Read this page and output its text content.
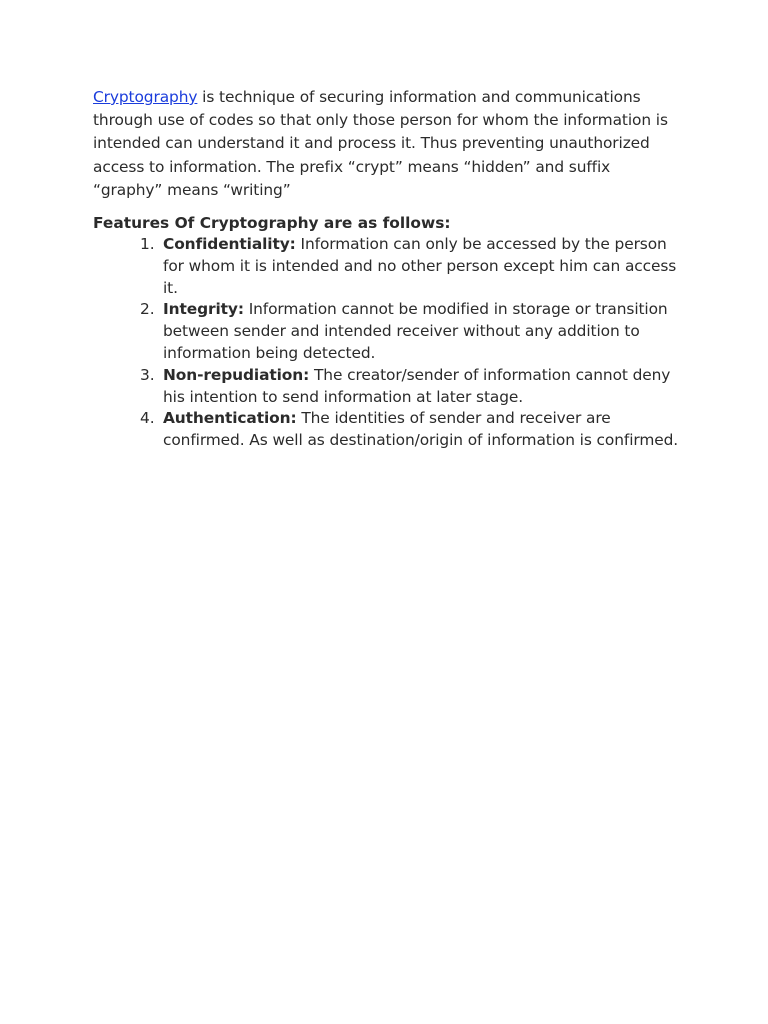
Cryptography is technique of securing information and communications through use of codes so that only those person for whom the information is intended can understand it and process it. Thus preventing unauthorized access to information. The prefix “crypt” means “hidden” and suffix “graphy” means “writing”

Features Of Cryptography are as follows:
1. Confidentiality: Information can only be accessed by the person for whom it is intended and no other person except him can access it.
2. Integrity: Information cannot be modified in storage or transition between sender and intended receiver without any addition to information being detected.
3. Non-repudiation: The creator/sender of information cannot deny his intention to send information at later stage.
4. Authentication: The identities of sender and receiver are confirmed. As well as destination/origin of information is confirmed.
